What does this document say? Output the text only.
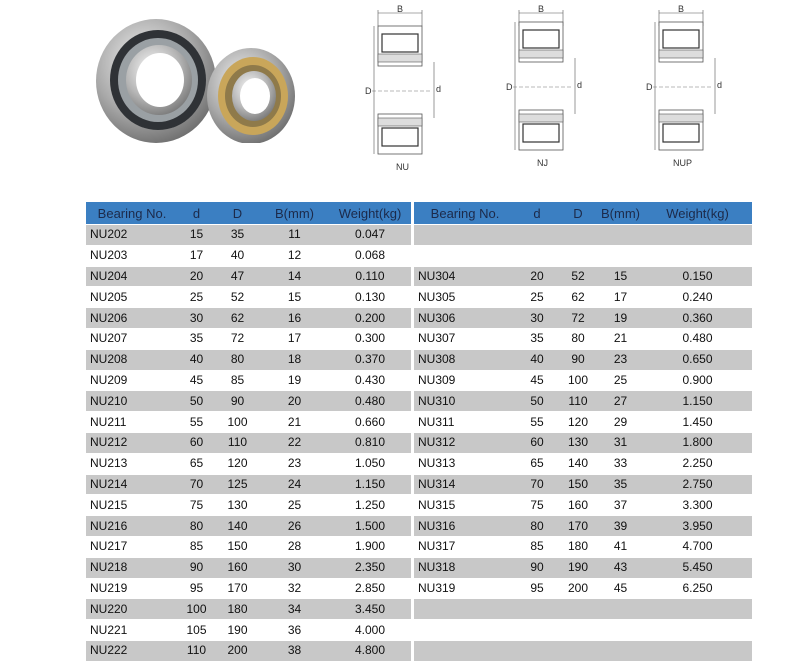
B
D	d
NU
B
D	d
NJ
B
D	d
NUP
Bearing No.	d	D	B(mm)	Weight(kg)
NU202	15	35	11	0.047
NU203	17	40	12	0.068
NU204	20	47	14	0.110
NU205	25	52	15	0.130
NU206	30	62	16	0.200
NU207	35	72	17	0.300
NU208	40	80	18	0.370
NU209	45	85	19	0.430
NU210	50	90	20	0.480
NU211	55	100	21	0.660
NU212	60	110	22	0.810
NU213	65	120	23	1.050
NU214	70	125	24	1.150
NU215	75	130	25	1.250
NU216	80	140	26	1.500
NU217	85	150	28	1.900
NU218	90	160	30	2.350
NU219	95	170	32	2.850
NU220	100	180	34	3.450
NU221	105	190	36	4.000
NU222	110	200	38	4.800
Bearing No.	d	D	B(mm)	Weight(kg)

NU304	20	52	15	0.150
NU305	25	62	17	0.240
NU306	30	72	19	0.360
NU307	35	80	21	0.480
NU308	40	90	23	0.650
NU309	45	100	25	0.900
NU310	50	110	27	1.150
NU311	55	120	29	1.450
NU312	60	130	31	1.800
NU313	65	140	33	2.250
NU314	70	150	35	2.750
NU315	75	160	37	3.300
NU316	80	170	39	3.950
NU317	85	180	41	4.700
NU318	90	190	43	5.450
NU319	95	200	45	6.250
